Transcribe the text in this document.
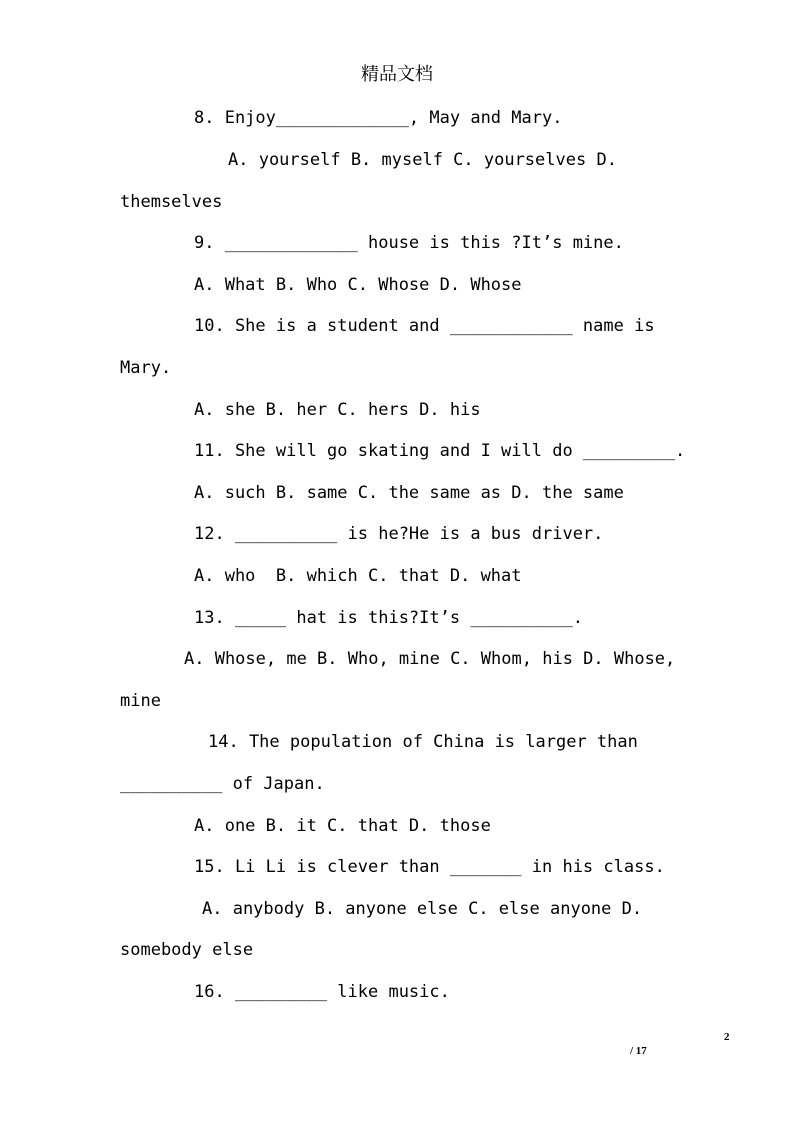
精品文档
8. Enjoy_____________, May and Mary.
A. yourself B. myself C. yourselves D.
themselves
9. _____________ house is this ?It’s mine.
A. What B. Who C. Whose D. Whose
10. She is a student and ____________ name is
Mary.
A. she B. her C. hers D. his
11. She will go skating and I will do _________.
A. such B. same C. the same as D. the same
12. __________ is he?He is a bus driver.
A. who  B. which C. that D. what
13. _____ hat is this?It’s __________.
A. Whose, me B. Who, mine C. Whom, his D. Whose,
mine
14. The population of China is larger than
__________ of Japan.
A. one B. it C. that D. those
15. Li Li is clever than _______ in his class.
A. anybody B. anyone else C. else anyone D.
somebody else
16. _________ like music.
2
/ 17
